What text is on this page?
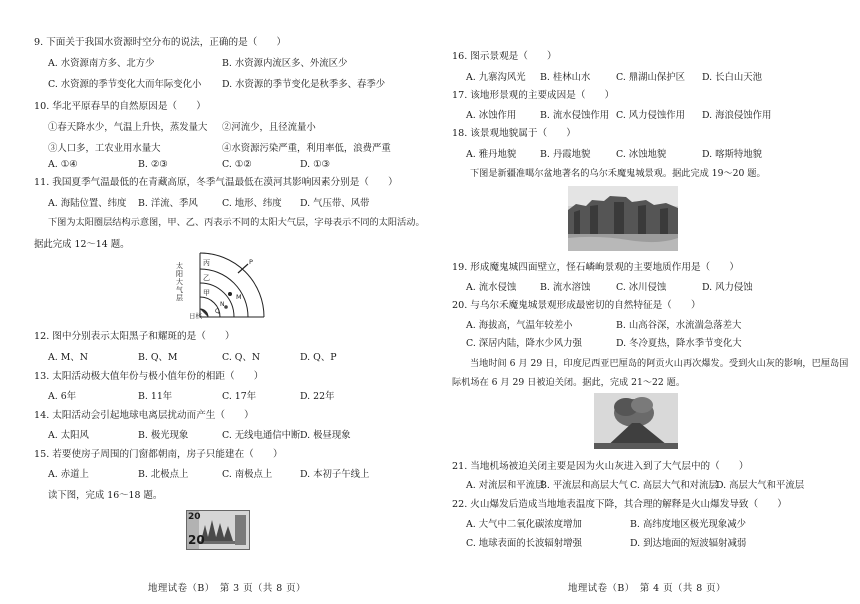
9. 下面关于我国水资源时空分布的说法，正确的是（　　）
A. 水资源南方多、北方少	B. 水资源内流区多、外流区少
C. 水资源的季节变化大而年际变化小 D. 水资源的季节变化是秋季多、春季少
10. 华北平原春旱的自然原因是（　　）
①春天降水少，气温上升快，蒸发量大 ②河流少，且径流量小
③人口多，工农业用水量大	④水资源污染严重，利用率低，浪费严重
A. ①④	B. ②③	C. ①②	D. ①③
11. 我国夏季气温最低的在青藏高原，冬季气温最低在漠河其影响因素分别是（　　）
A. 海陆位置、纬度 B. 洋流、季风	C. 地形、纬度 D. 气压带、风带
下图为太阳圈层结构示意图，甲、乙、丙表示不同的太阳大气层，字母表示不同的太阳活动。
据此完成 12～14 题。
丙
乙
甲
日核
P
M
N
Q
太阳大气层
12. 图中分别表示太阳黑子和耀斑的是（　　）
A. M、N	B. Q、M	C. Q、N	D. Q、P
13. 太阳活动极大值年份与极小值年份的相距（　　）
A. 6年	B. 11年	C. 17年	D. 22年
14. 太阳活动会引起地球电离层扰动而产生（　　）
A. 太阳风	B. 极光现象	C. 无线电通信中断 D. 极昼现象
15. 若要使房子周围的门窗都朝南，房子只能建在（　　）
A. 赤道上	B. 北极点上	C. 南极点上	D. 本初子午线上
读下图，完成 16～18 题。
20
20
地理试卷（B）　第 3 页（共 8 页）
16. 图示景观是（　　）
A. 九寨沟风光 B. 桂林山水	C. 鼎湖山保护区 D. 长白山天池
17. 该地形景观的主要成因是（　　）
A. 冰蚀作用	B. 流水侵蚀作用 C. 风力侵蚀作用 D. 海浪侵蚀作用
18. 该景观地貌属于（　　）
A. 雅丹地貌	B. 丹霞地貌	C. 冰蚀地貌	D. 喀斯特地貌
下图是新疆准噶尔盆地著名的乌尔禾魔鬼城景观。据此完成 19～20 题。
19. 形成魔鬼城四面壁立，怪石嶙峋景观的主要地质作用是（　　）
A. 流水侵蚀	B. 流水溶蚀	C. 冰川侵蚀	D. 风力侵蚀
20. 与乌尔禾魔鬼城景观形成最密切的自然特征是（　　）
A. 海拔高，气温年较差小	B. 山高谷深，水流湍急落差大
C. 深居内陆，降水少风力强	D. 冬冷夏热，降水季节变化大
当地时间 6 月 29 日，印度尼西亚巴厘岛的阿贡火山再次爆发。受到火山灰的影响，巴厘岛国
际机场在 6 月 29 日被迫关闭。据此，完成 21～22 题。
21. 当地机场被迫关闭主要是因为火山灰进入到了大气层中的（　　）
A. 对流层和平流层
B. 平流层和高层大气 C. 高层大气和对流层
D. 高层大气和平流层
22. 火山爆发后造成当地地表温度下降，其合理的解释是火山爆发导致（　　）
A. 大气中二氧化碳浓度增加	B. 高纬度地区极光现象减少
C. 地球表面的长波辐射增强	D. 到达地面的短波辐射减弱
地理试卷（B）　第 4 页（共 8 页）
